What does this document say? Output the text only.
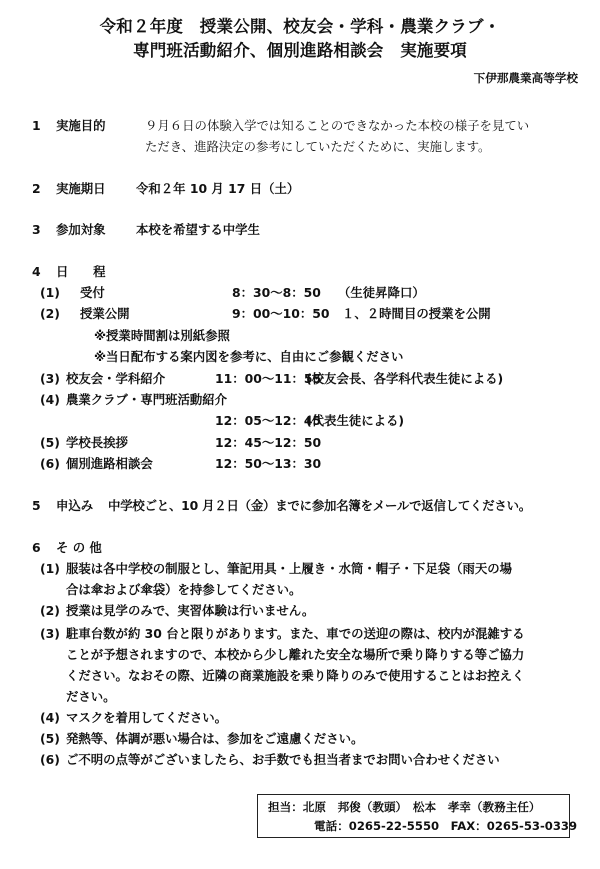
令和２年度　授業公開、校友会・学科・農業クラブ・
専門班活動紹介、個別進路相談会　実施要項
下伊那農業高等学校
1 実施目的	９月６日の体験入学では知ることのできなかった本校の様子を見てい
ただき、進路決定の参考にしていただくために、実施します。
2 実施期日 令和２年 10 月 17 日（土）
3 参加対象 本校を希望する中学生
4 日　　程
(1) 受付	8：30～8：50 （生徒昇降口）
(2) 授業公開	9：00～10：50 １、２時間目の授業を公開
※授業時間割は別紙参照
※当日配布する案内図を参考に、自由にご参観ください
(3) 校友会・学科紹介	11：00～11：55
(校友会長、各学科代表生徒による)
(4) 農業クラブ・専門班活動紹介
12：05～12：45
(代表生徒による)
(5) 学校長挨拶	12：45～12：50
(6) 個別進路相談会	12：50～13：30
5 申込み 中学校ごと、10 月２日（金）までに参加名簿をメールで返信してください。
6 そ の 他
(1) 服装は各中学校の制服とし、筆記用具・上履き・水筒・帽子・下足袋（雨天の場
合は傘および傘袋）を持参してください。
(2) 授業は見学のみで、実習体験は行いません。
(3) 駐車台数が約 30 台と限りがあります。また、車での送迎の際は、校内が混雑する
ことが予想されますので、本校から少し離れた安全な場所で乗り降りする等ご協力
ください。なおその際、近隣の商業施設を乗り降りのみで使用することはお控えく
ださい。
(4) マスクを着用してください。
(5) 発熱等、体調が悪い場合は、参加をご遠慮ください。
(6) ご不明の点等がございましたら、お手数でも担当者までお問い合わせください
担当：北原　邦俊（教頭）　松本　孝幸（教務主任）
電話：0265-22-5550　FAX：0265-53-0339
